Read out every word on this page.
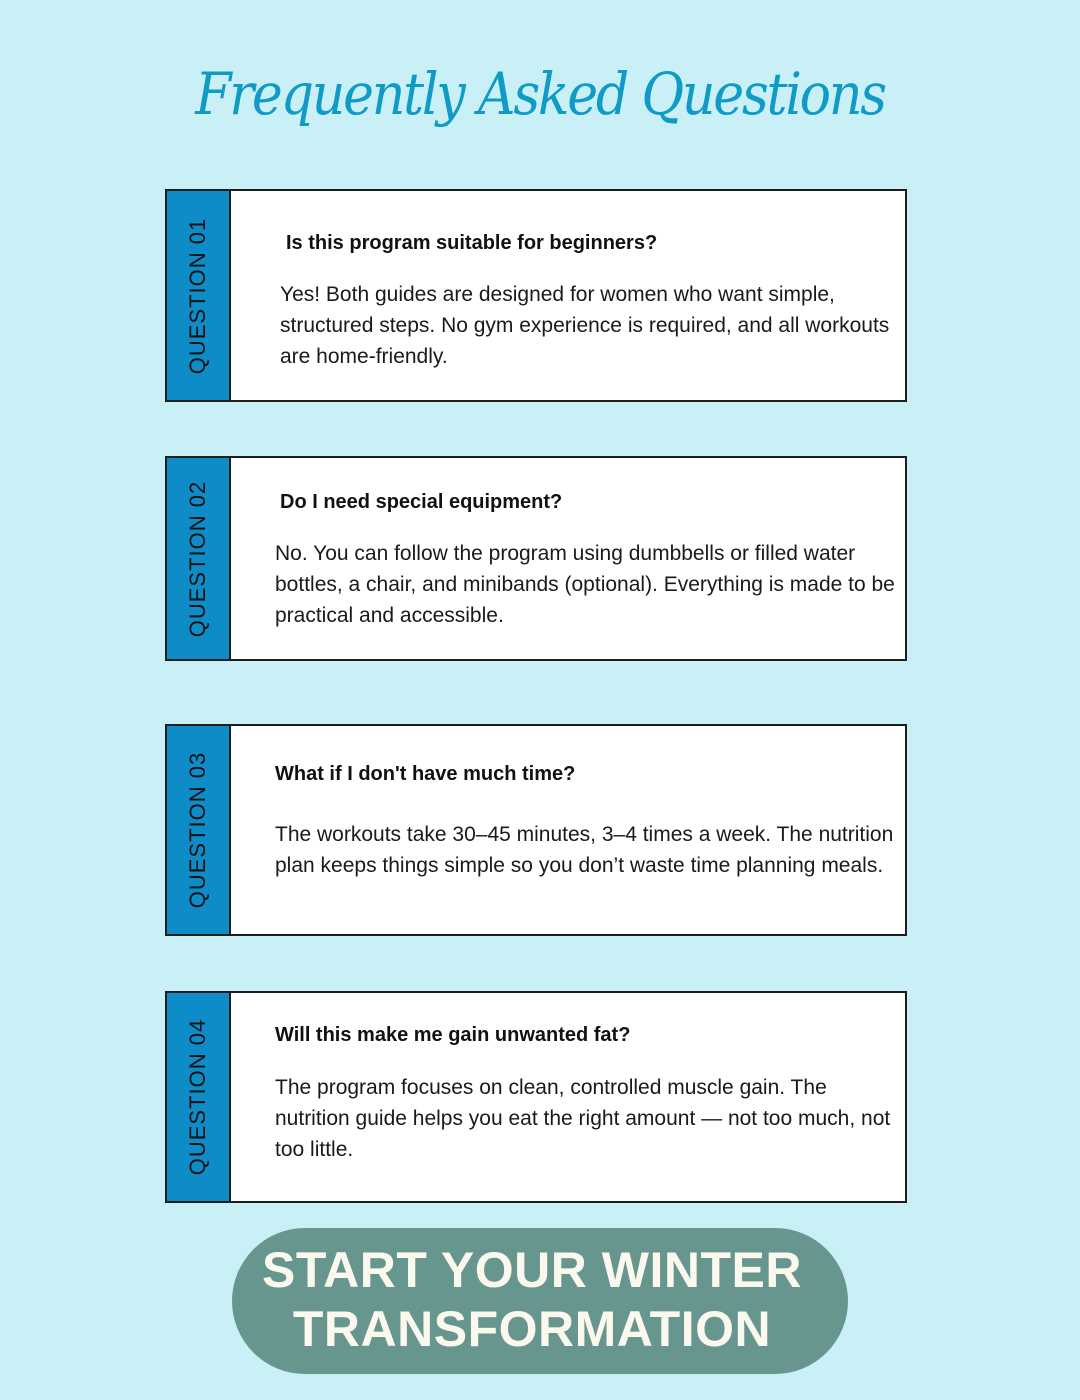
Frequently Asked Questions
QUESTION 01	Is this program suitable for beginners?

Yes! Both guides are designed for women who want simple, structured steps. No gym experience is required, and all workouts are home-friendly.

QUESTION 02	Do I need special equipment?

No. You can follow the program using dumbbells or filled water bottles, a chair, and minibands (optional). Everything is made to be practical and accessible.

QUESTION 03	What if I don't have much time?

The workouts take 30–45 minutes, 3–4 times a week. The nutrition plan keeps things simple so you don’t waste time planning meals.

QUESTION 04	Will this make me gain unwanted fat?

The program focuses on clean, controlled muscle gain. The nutrition guide helps you eat the right amount — not too much, not too little.

START YOUR WINTER
TRANSFORMATION
